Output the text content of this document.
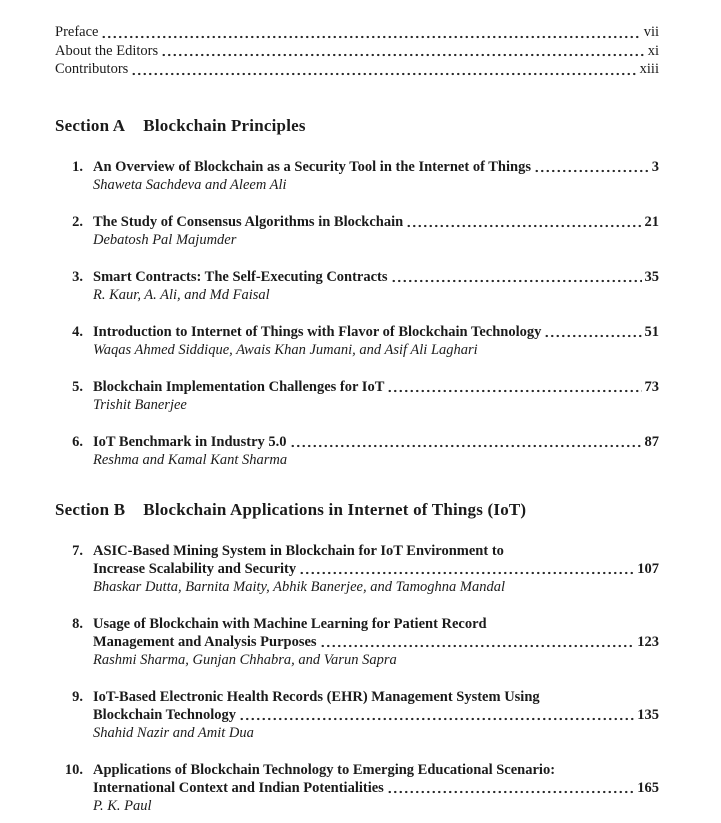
Preface	vii
About the Editors	xi
Contributors	xiii
Section A Blockchain Principles
1. An Overview of Blockchain as a Security Tool in the Internet of Things	3
Shaweta Sachdeva and Aleem Ali
2. The Study of Consensus Algorithms in Blockchain	21
Debatosh Pal Majumder
3. Smart Contracts: The Self-Executing Contracts	35
R. Kaur, A. Ali, and Md Faisal
4. Introduction to Internet of Things with Flavor of Blockchain Technology	51
Waqas Ahmed Siddique, Awais Khan Jumani, and Asif Ali Laghari
5. Blockchain Implementation Challenges for IoT	73
Trishit Banerjee
6. IoT Benchmark in Industry 5.0	87
Reshma and Kamal Kant Sharma
Section B Blockchain Applications in Internet of Things (IoT)
7. ASIC-Based Mining System in Blockchain for IoT Environment to
Increase Scalability and Security	107
Bhaskar Dutta, Barnita Maity, Abhik Banerjee, and Tamoghna Mandal
8. Usage of Blockchain with Machine Learning for Patient Record
Management and Analysis Purposes	123
Rashmi Sharma, Gunjan Chhabra, and Varun Sapra
9. IoT-Based Electronic Health Records (EHR) Management System Using
Blockchain Technology	135
Shahid Nazir and Amit Dua
10. Applications of Blockchain Technology to Emerging Educational Scenario:
International Context and Indian Potentialities	165
P. K. Paul
